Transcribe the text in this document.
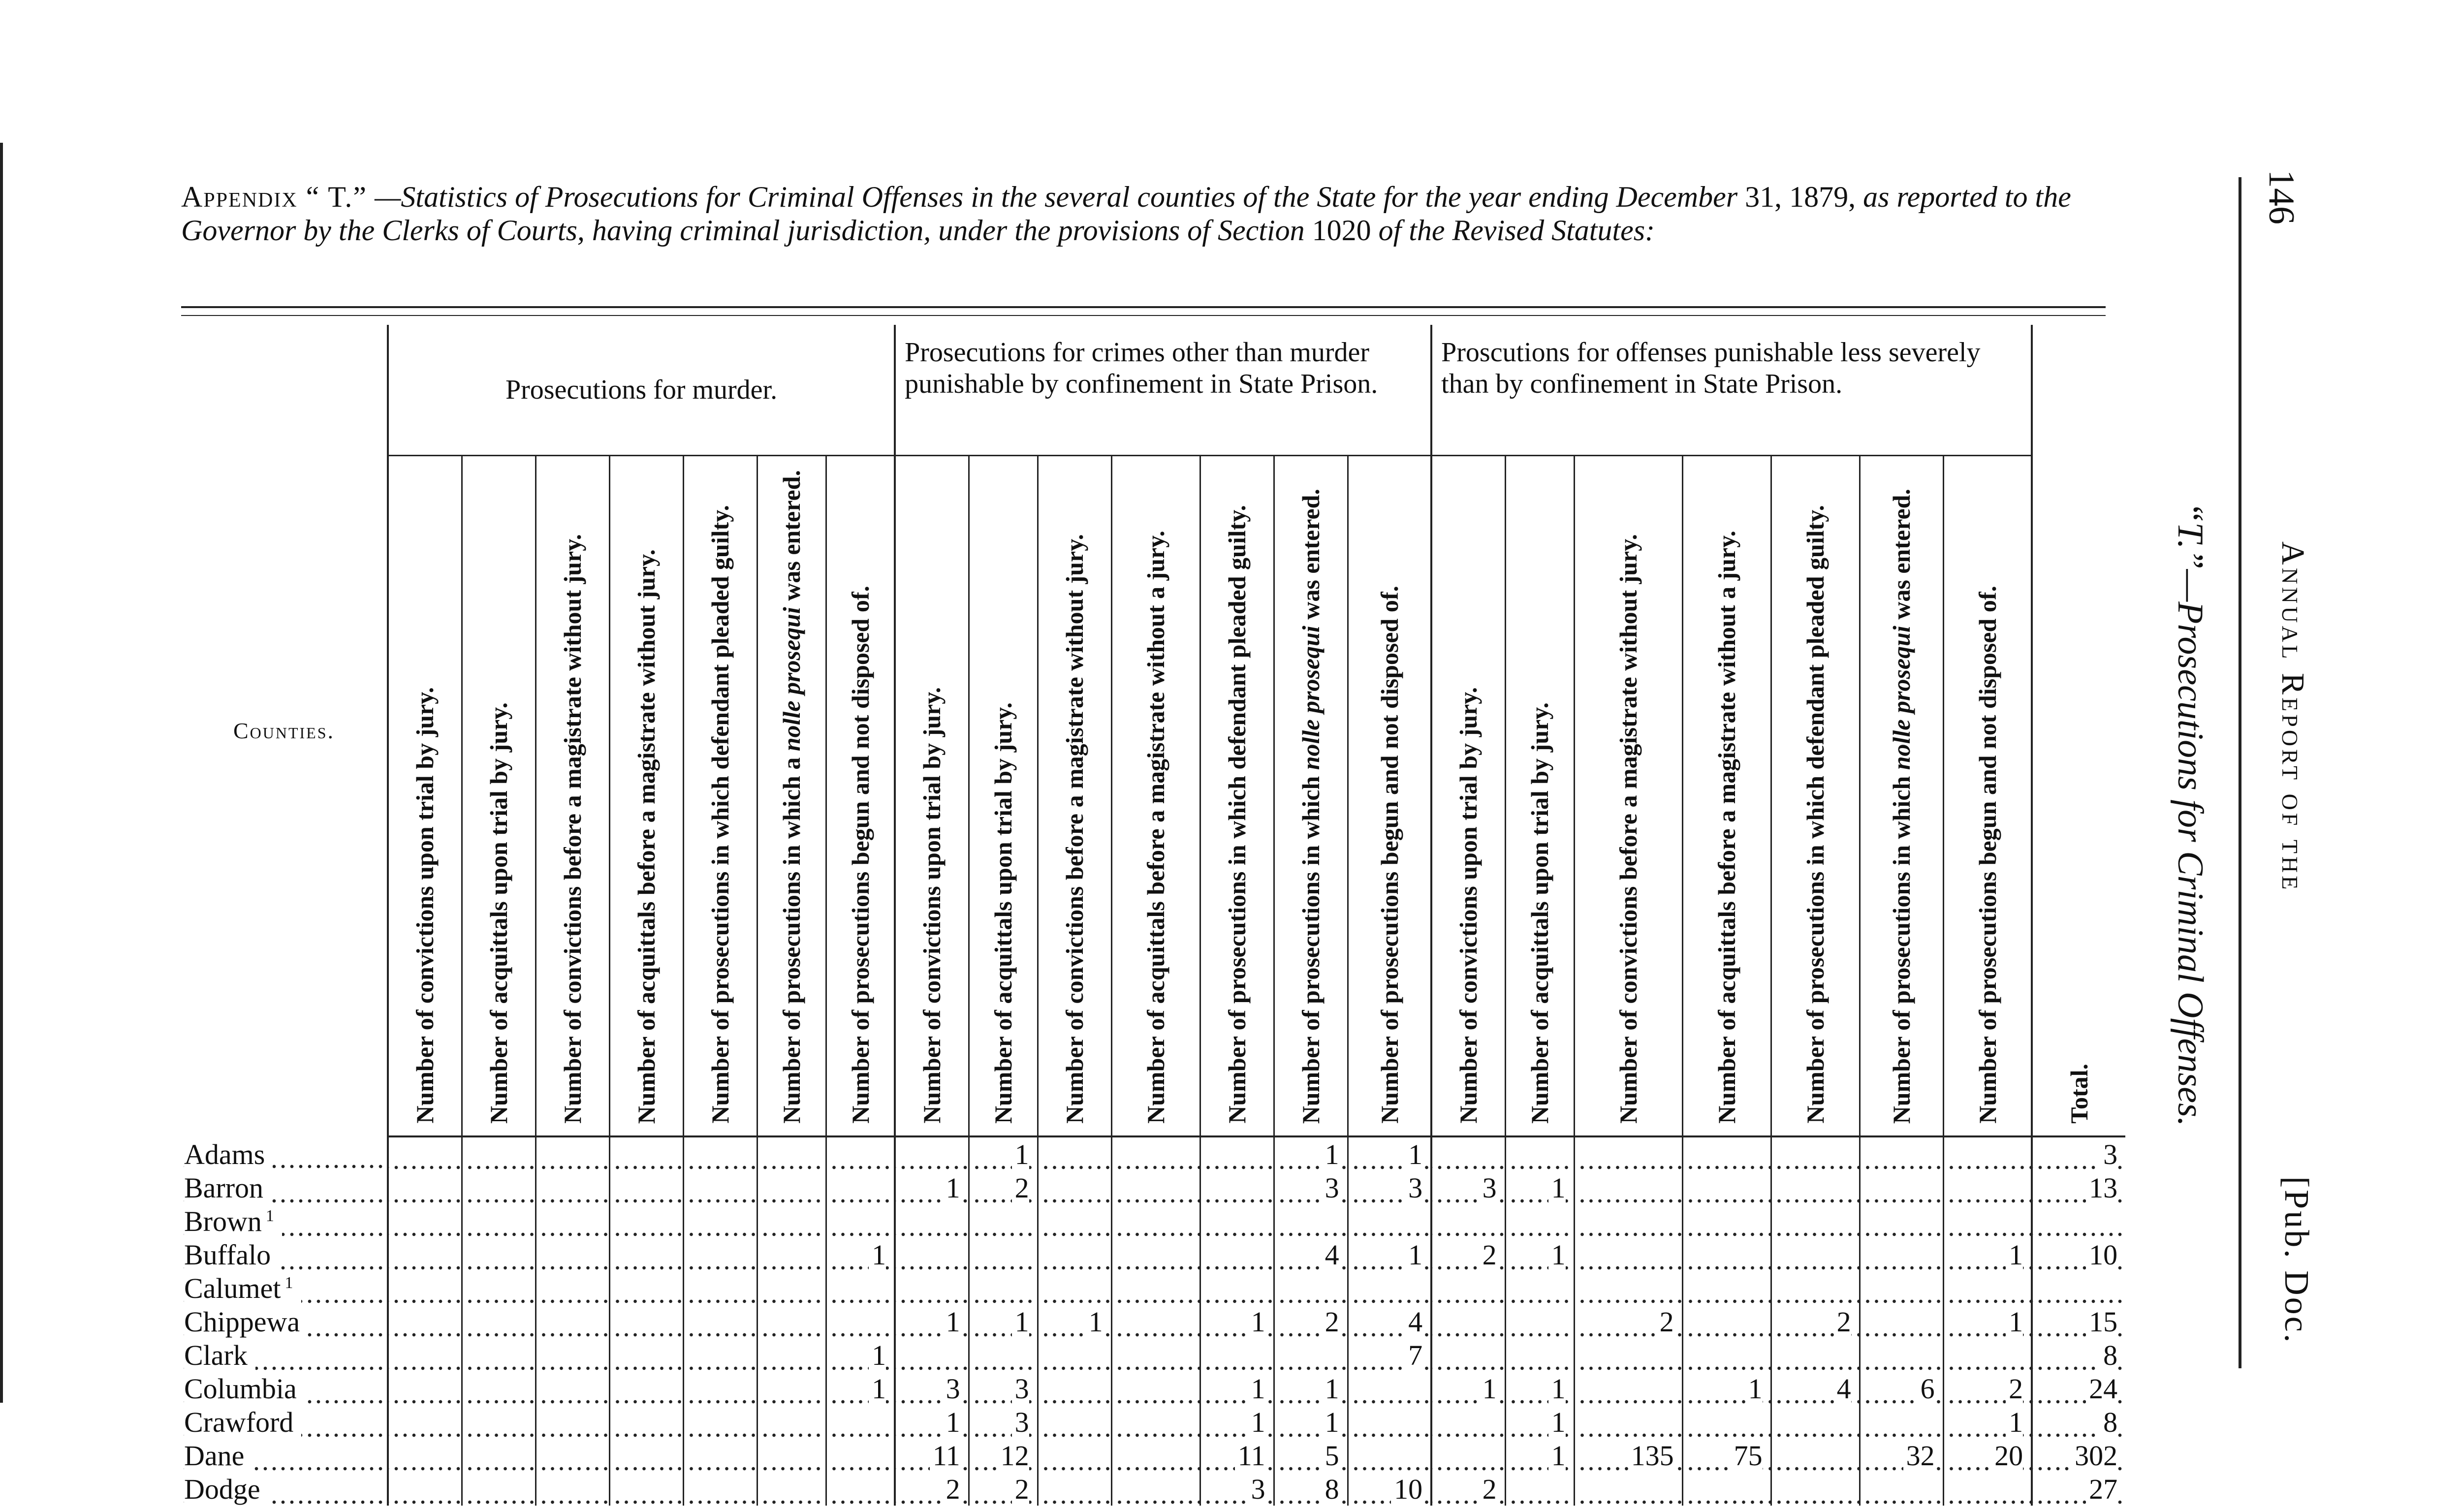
Appendix “ T.” —Statistics of Prosecutions for Criminal Offenses in the several counties of the State for the year ending December 31, 1879, as reported to the Governor by the Clerks of Courts, having criminal jurisdiction, under the provisions of Section 1020 of the Revised Statutes:
Counties.	Prosecutions for murder.							Prosecutions for crimes other than murder punishable by confinement in State Prison.							Proscutions for offenses punishable less severely than by confinement in State Prison.							

	Number of convictions upon trial by jury.	Number of acquittals upon trial by jury.	Number of convictions before a magistrate without jury.	Number of acquittals before a magistrate without jury.	Number of prosecutions in which defendant pleaded guilty.	Number of prosecutions in which a nolle prosequi was entered.	Number of prosecutions begun and not disposed of.	Number of convictions upon trial by jury.	Number of acquittals upon trial by jury.	Number of convictions before a magistrate without jury.	Number of acquittals before a magistrate without a jury.	Number of prosecutions in which defendant pleaded guilty.	Number of prosecutions in which nolle prosequi was entered.	Number of prosecutions begun and not disposed of.	Number of convictions upon trial by jury.	Number of acquittals upon trial by jury.	Number of convictions before a magistrate without jury.	Number of acquittals before a magistrate without a jury.	Number of prosecutions in which defendant pleaded guilty.	Number of prosecutions in which nolle prosequi was entered.	Number of prosecutions begun and not disposed of.	Total.

Adams									1				1	1								3
Barron								1	2				3	3	3	1						13
Brown $^1$																						
Buffalo							1						4	1	2	1					1	10
Calumet $^1$																						
Chippewa								1	1	1		1	2	4			2		2		1	15
Clark							1							7								8
Columbia							1	3	3			1	1		1	1		1	4	6	2	24
Crawford								1	3			1	1			1					1	8
Dane								11	12			11	5			1	135	75		32	20	302
Dodge								2	2			3	8	10	2							27
146
“T.”—Prosecutions for Criminal Offenses. Annual Report of the
[Pub. Doc.
